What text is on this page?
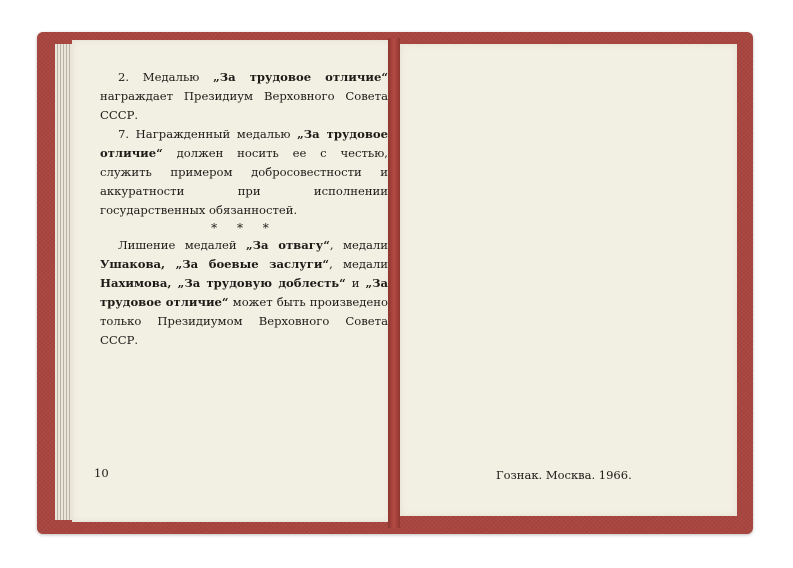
2. Медалью „За трудовое отличие“ награждает Президиум Верховного Совета СССР.

7. Награжденный медалью „За трудовое отличие“ должен носить ее с честью, служить примером добросовестности и аккуратности при исполнении государственных обязанностей.

* * *

Лишение медалей „За отвагу“, медали Ушакова, „За боевые заслуги“, медали Нахимова, „За трудовую доблесть“ и „За трудовое отличие“ может быть произведено только Президиумом Верховного Совета СССР.

10	Гознак. Москва. 1966.
